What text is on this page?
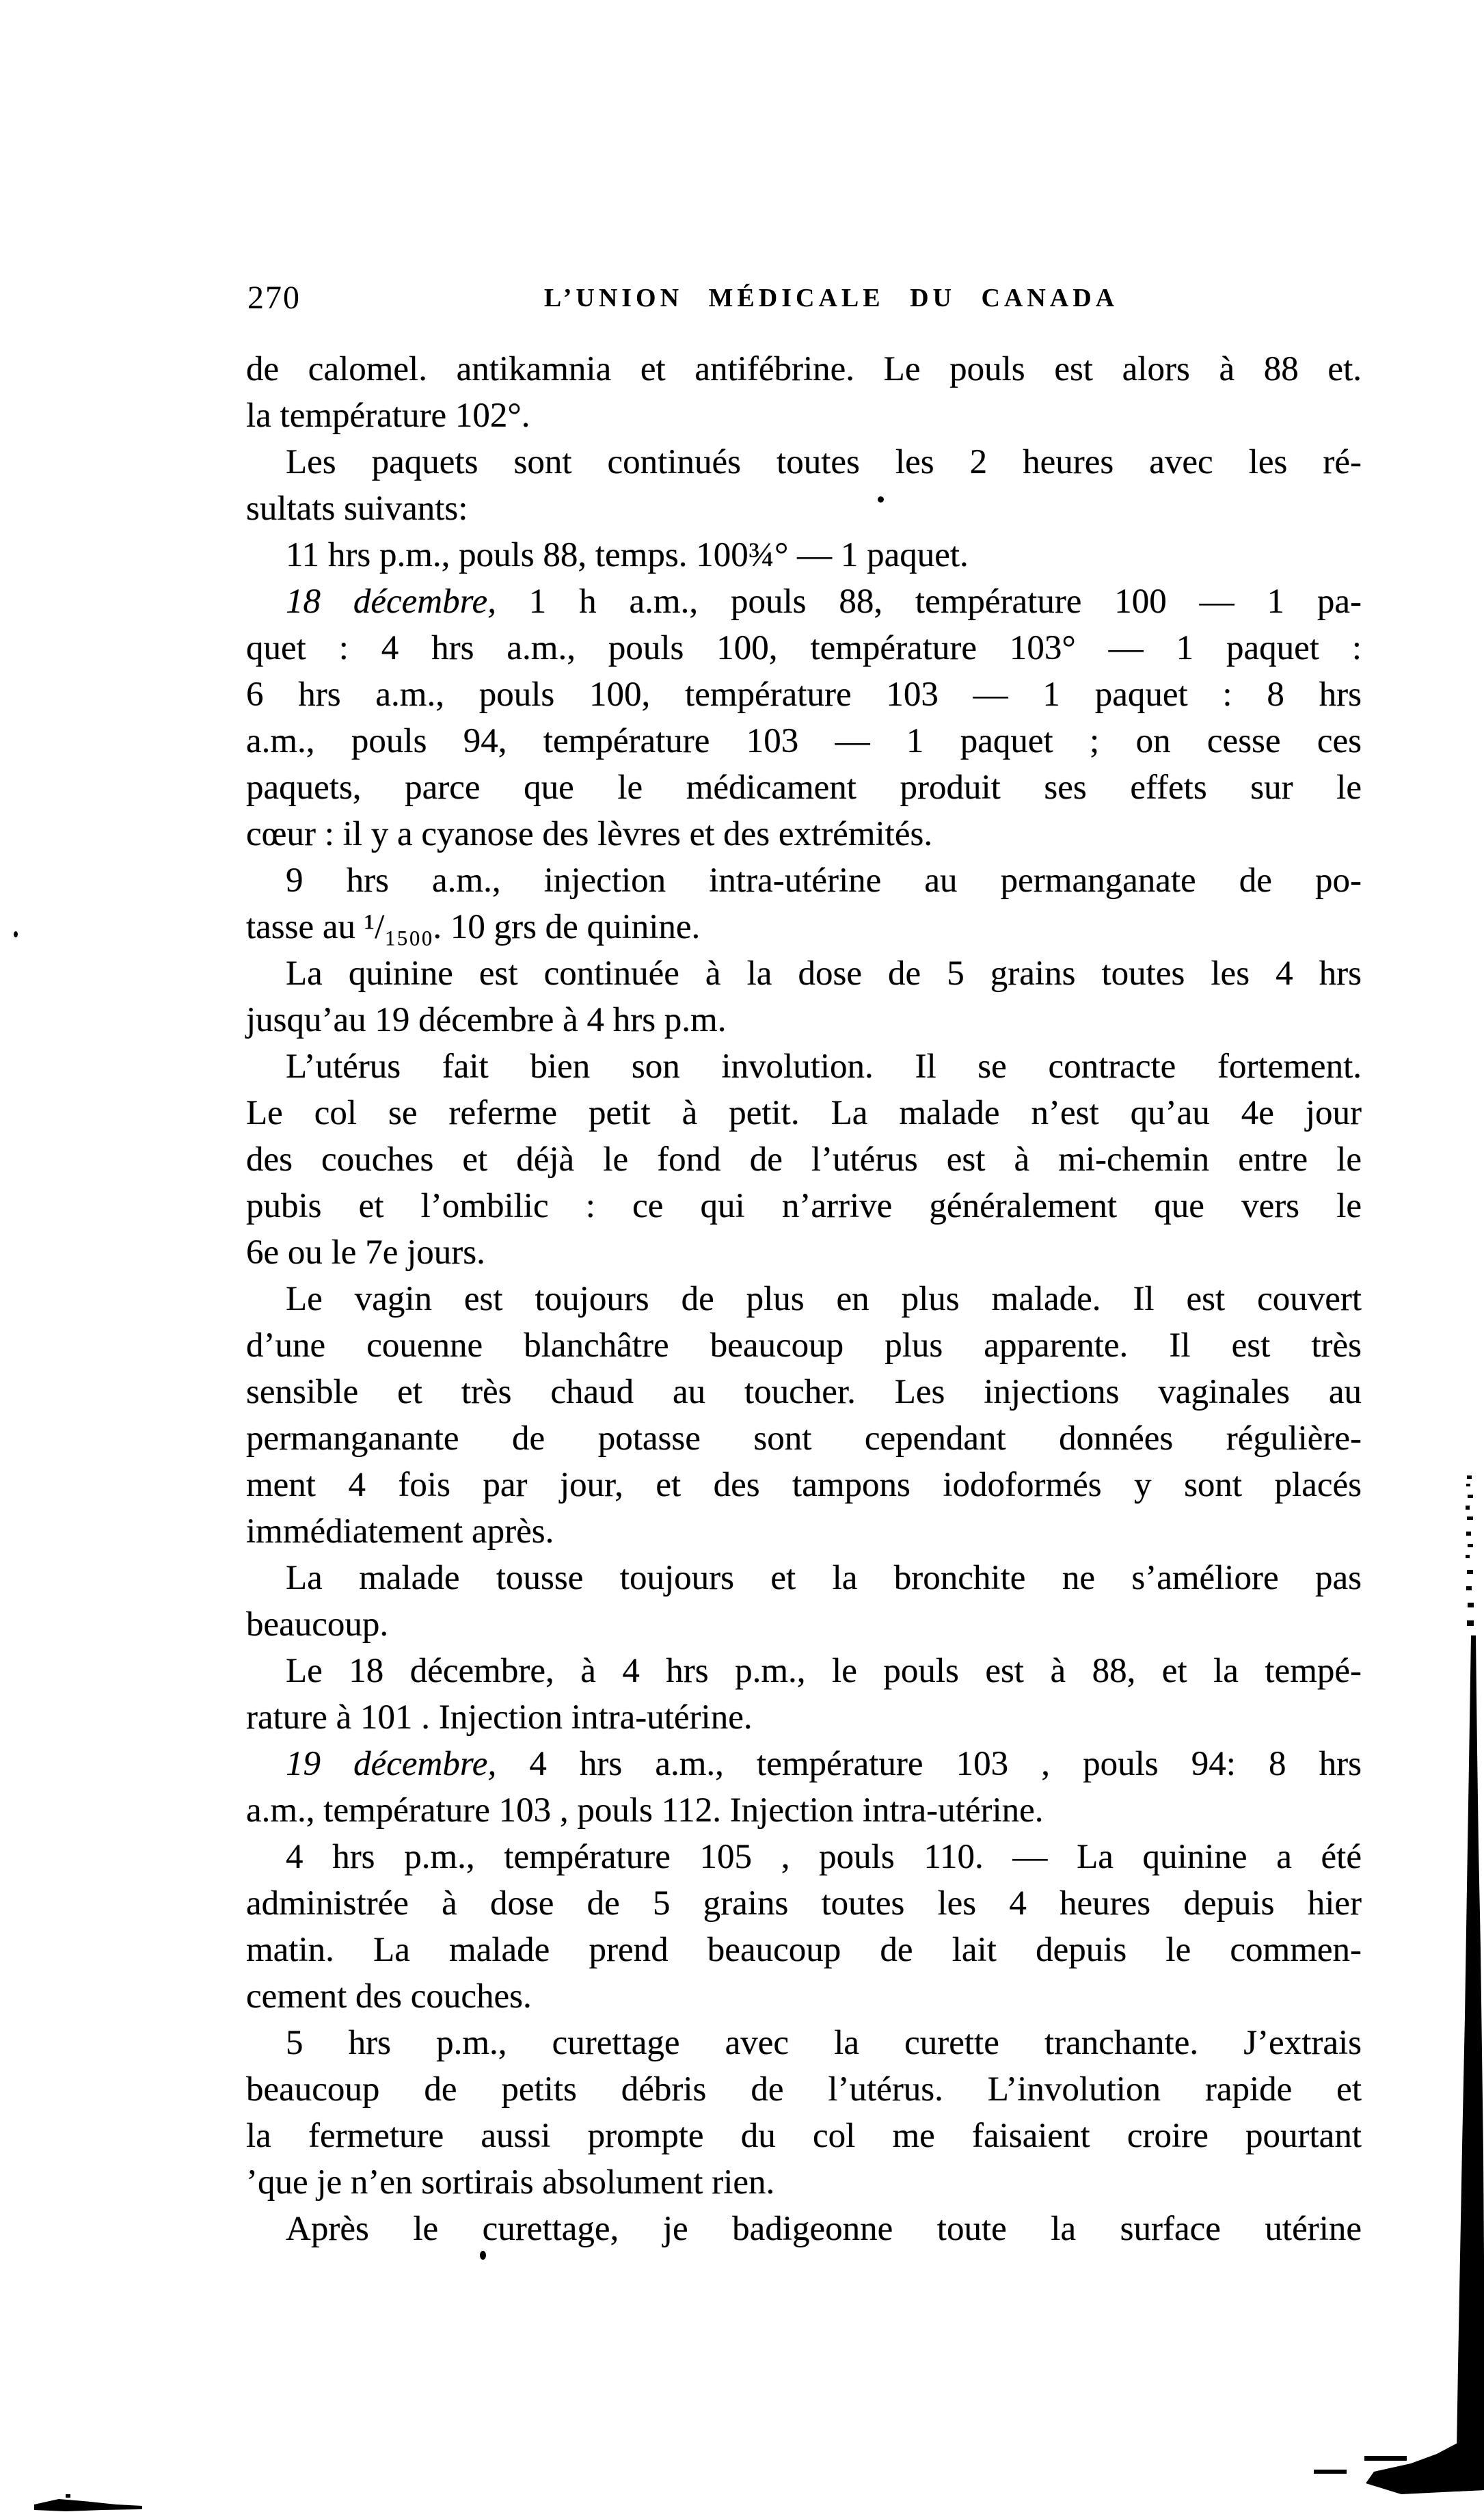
270	L’UNION MÉDICALE DU CANADA
de calomel. antikamnia et antifébrine. Le pouls est alors à 88 et.
la température 102°.
Les paquets sont continués toutes les 2 heures avec les ré-
sultats suivants:
11 hrs p.m., pouls 88, temps. 100¾° — 1 paquet.
18 décembre, 1 h a.m., pouls 88, température 100 — 1 pa-
quet : 4 hrs a.m., pouls 100, température 103° — 1 paquet :
6 hrs a.m., pouls 100, température 103 — 1 paquet : 8 hrs
a.m., pouls 94, température 103 — 1 paquet ; on cesse ces
paquets, parce que le médicament produit ses effets sur le
cœur : il y a cyanose des lèvres et des extrémités.
9 hrs a.m., injection intra-utérine au permanganate de po-
tasse au ¹/₁₅₀₀. 10 grs de quinine.
La quinine est continuée à la dose de 5 grains toutes les 4 hrs
jusqu’au 19 décembre à 4 hrs p.m.
L’utérus fait bien son involution. Il se contracte fortement.
Le col se referme petit à petit. La malade n’est qu’au 4e jour
des couches et déjà le fond de l’utérus est à mi-chemin entre le
pubis et l’ombilic : ce qui n’arrive généralement que vers le
6e ou le 7e jours.
Le vagin est toujours de plus en plus malade. Il est couvert
d’une couenne blanchâtre beaucoup plus apparente. Il est très
sensible et très chaud au toucher. Les injections vaginales au
permanganante de potasse sont cependant données régulière-
ment 4 fois par jour, et des tampons iodoformés y sont placés
immédiatement après.
La malade tousse toujours et la bronchite ne s’améliore pas
beaucoup.
Le 18 décembre, à 4 hrs p.m., le pouls est à 88, et la tempé-
rature à 101 . Injection intra-utérine.
19 décembre, 4 hrs a.m., température 103 , pouls 94: 8 hrs
a.m., température 103 , pouls 112. Injection intra-utérine.
4 hrs p.m., température 105 , pouls 110. — La quinine a été
administrée à dose de 5 grains toutes les 4 heures depuis hier
matin. La malade prend beaucoup de lait depuis le commen-
cement des couches.
5 hrs p.m., curettage avec la curette tranchante. J’extrais
beaucoup de petits débris de l’utérus. L’involution rapide et
la fermeture aussi prompte du col me faisaient croire pourtant
’que je n’en sortirais absolument rien.
Après le curettage, je badigeonne toute la surface utérine
